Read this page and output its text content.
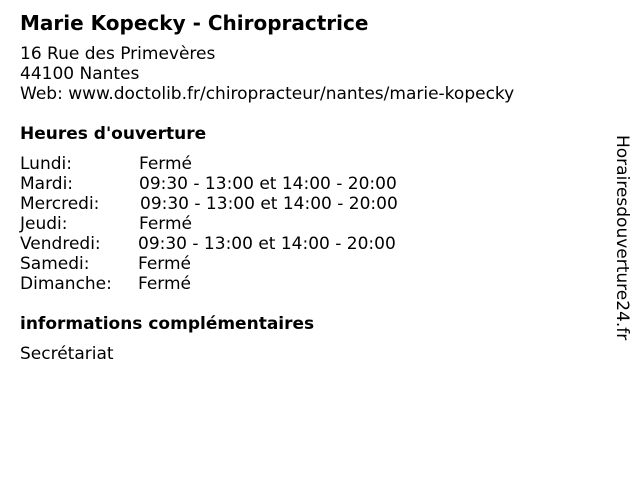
Marie Kopecky - Chiropractrice
16 Rue des Primevères
44100 Nantes
Web: www.doctolib.fr/chiropracteur/nantes/marie-kopecky
Heures d'ouverture
Lundi:	Fermé
Mardi:	09:30 - 13:00 et 14:00 - 20:00
Mercredi: 09:30 - 13:00 et 14:00 - 20:00
Jeudi:	Fermé
Vendredi: 09:30 - 13:00 et 14:00 - 20:00
Samedi:	Fermé
Dimanche: Fermé
informations complémentaires
Secrétariat
Horairesdouverture24.fr
